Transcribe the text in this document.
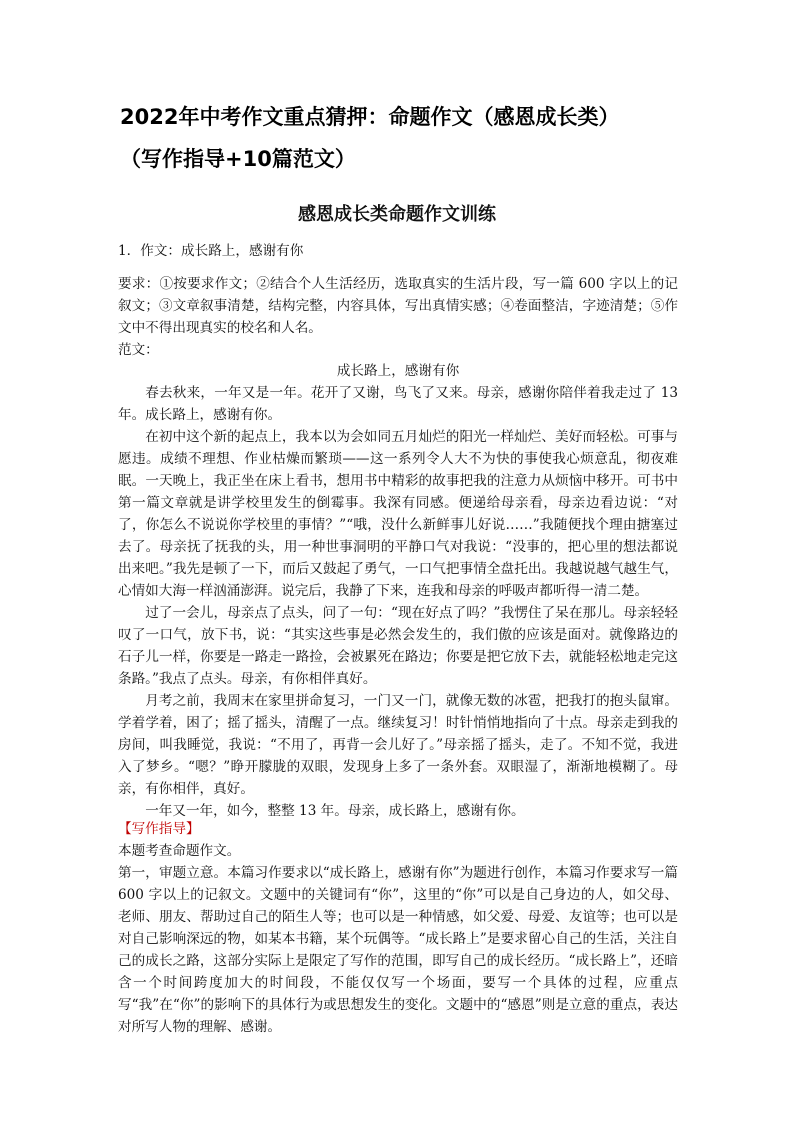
2022年中考作文重点猜押：命题作文（感恩成长类）
（写作指导+10篇范文）
感恩成长类命题作文训练

1．作文：成长路上，感谢有你

要求：①按要求作文；②结合个人生活经历，选取真实的生活片段，写一篇 600 字以上的记叙文；③文章叙事清楚，结构完整，内容具体，写出真情实感；④卷面整洁，字迹清楚；⑤作文中不得出现真实的校名和人名。

范文：

成长路上，感谢有你

春去秋来，一年又是一年。花开了又谢，鸟飞了又来。母亲，感谢你陪伴着我走过了 13 年。成长路上，感谢有你。

在初中这个新的起点上，我本以为会如同五月灿烂的阳光一样灿烂、美好而轻松。可事与愿违。成绩不理想、作业枯燥而繁琐——这一系列令人大不为快的事使我心烦意乱，彻夜难眠。一天晚上，我正坐在床上看书，想用书中精彩的故事把我的注意力从烦恼中移开。可书中第一篇文章就是讲学校里发生的倒霉事。我深有同感。便递给母亲看，母亲边看边说：“对了，你怎么不说说你学校里的事情？”“哦，没什么新鲜事儿好说……”我随便找个理由搪塞过去了。母亲抚了抚我的头，用一种世事洞明的平静口气对我说：“没事的，把心里的想法都说出来吧。”我先是顿了一下，而后又鼓起了勇气，一口气把事情全盘托出。我越说越气越生气，心情如大海一样汹涌澎湃。说完后，我静了下来，连我和母亲的呼吸声都听得一清二楚。

过了一会儿，母亲点了点头，问了一句：“现在好点了吗？”我愣住了呆在那儿。母亲轻轻叹了一口气，放下书，说：“其实这些事是必然会发生的，我们傲的应该是面对。就像路边的石子儿一样，你要是一路走一路捡，会被累死在路边；你要是把它放下去，就能轻松地走完这条路。”我点了点头。母亲，有你相伴真好。

月考之前，我周末在家里拼命复习，一门又一门，就像无数的冰雹，把我打的抱头鼠窜。学着学着，困了；摇了摇头，清醒了一点。继续复习！时针悄悄地指向了十点。母亲走到我的房间，叫我睡觉，我说：“不用了，再背一会儿好了。”母亲摇了摇头，走了。不知不觉，我进入了梦乡。“嗯？”睁开朦胧的双眼，发现身上多了一条外套。双眼湿了，渐渐地模糊了。母亲，有你相伴，真好。

一年又一年，如今，整整 13 年。母亲，成长路上，感谢有你。

【写作指导】

本题考查命题作文。

第一，审题立意。本篇习作要求以“成长路上，感谢有你”为题进行创作，本篇习作要求写一篇 600 字以上的记叙文。文题中的关键词有“你”，这里的“你”可以是自己身边的人，如父母、老师、朋友、帮助过自己的陌生人等；也可以是一种情感，如父爱、母爱、友谊等；也可以是对自己影响深远的物，如某本书籍，某个玩偶等。“成长路上”是要求留心自己的生活，关注自己的成长之路，这部分实际上是限定了写作的范围，即写自己的成长经历。“成长路上”，还暗含一个时间跨度加大的时间段，不能仅仅写一个场面，要写一个具体的过程，应重点写“我”在“你”的影响下的具体行为或思想发生的变化。文题中的“感恩”则是立意的重点，表达对所写人物的理解、感谢。
